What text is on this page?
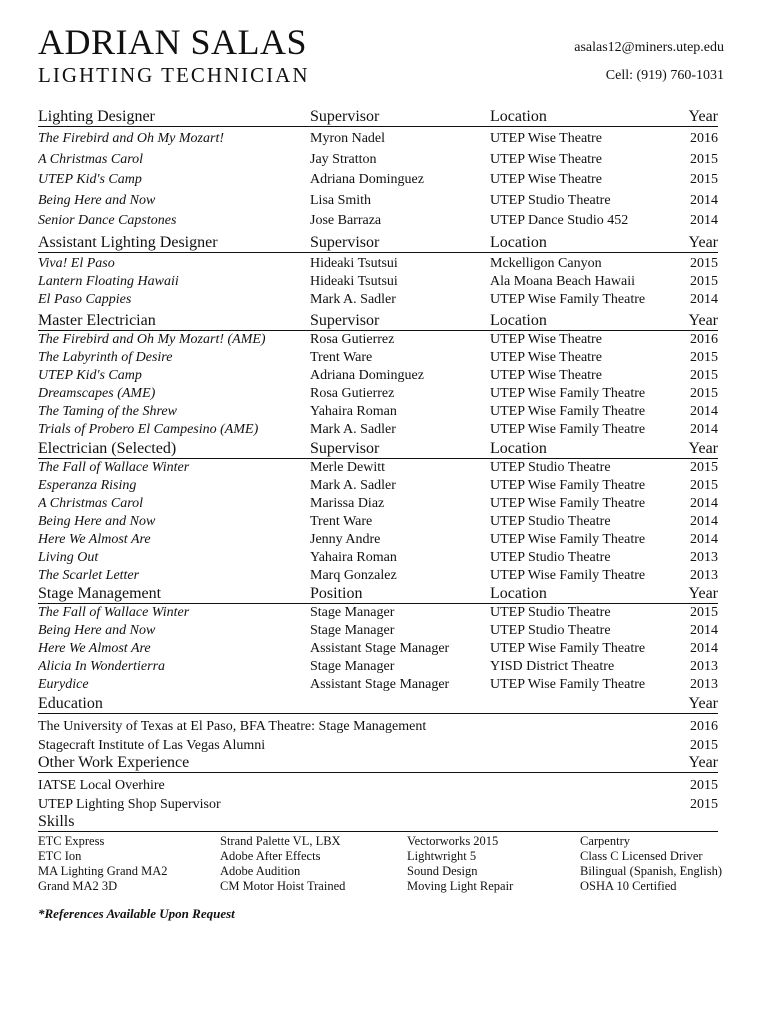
ADRIAN SALAS
LIGHTING TECHNICIAN
asalas12@miners.utep.edu
Cell: (919) 760-1031
Lighting Designer	Supervisor	Location	Year
The Firebird and Oh My Mozart!	Myron Nadel	UTEP Wise Theatre	2016
A Christmas Carol	Jay Stratton	UTEP Wise Theatre	2015
UTEP Kid's Camp	Adriana Dominguez	UTEP Wise Theatre	2015
Being Here and Now	Lisa Smith	UTEP Studio Theatre	2014
Senior Dance Capstones	Jose Barraza	UTEP Dance Studio 452	2014
Assistant Lighting Designer	Supervisor	Location	Year
Viva! El Paso	Hideaki Tsutsui	Mckelligon Canyon	2015
Lantern Floating Hawaii	Hideaki Tsutsui	Ala Moana Beach Hawaii	2015
El Paso Cappies	Mark A. Sadler	UTEP Wise Family Theatre	2014
Master Electrician	Supervisor	Location	Year
The Firebird and Oh My Mozart! (AME)	Rosa Gutierrez	UTEP Wise Theatre	2016
The Labyrinth of Desire	Trent Ware	UTEP Wise Theatre	2015
UTEP Kid's Camp	Adriana Dominguez	UTEP Wise Theatre	2015
Dreamscapes (AME)	Rosa Gutierrez	UTEP Wise Family Theatre	2015
The Taming of the Shrew	Yahaira Roman	UTEP Wise Family Theatre	2014
Trials of Probero El Campesino (AME)	Mark A. Sadler	UTEP Wise Family Theatre	2014
Electrician (Selected)	Supervisor	Location	Year
The Fall of Wallace Winter	Merle Dewitt	UTEP Studio Theatre	2015
Esperanza Rising	Mark A. Sadler	UTEP Wise Family Theatre	2015
A Christmas Carol	Marissa Diaz	UTEP Wise Family Theatre	2014
Being Here and Now	Trent Ware	UTEP Studio Theatre	2014
Here We Almost Are	Jenny Andre	UTEP Wise Family Theatre	2014
Living Out	Yahaira Roman	UTEP Studio Theatre	2013
The Scarlet Letter	Marq Gonzalez	UTEP Wise Family Theatre	2013
Stage Management	Position	Location	Year
The Fall of Wallace Winter	Stage Manager	UTEP Studio Theatre	2015
Being Here and Now	Stage Manager	UTEP Studio Theatre	2014
Here We Almost Are	Assistant Stage Manager	UTEP Wise Family Theatre	2014
Alicia In Wondertierra	Stage Manager	YISD District Theatre	2013
Eurydice	Assistant Stage Manager	UTEP Wise Family Theatre	2013
Education	Year
The University of Texas at El Paso, BFA Theatre: Stage Management	2016
Stagecraft Institute of Las Vegas Alumni	2015
Other Work Experience	Year
IATSE Local Overhire	2015
UTEP Lighting Shop Supervisor	2015
Skills
ETC Express	Strand Palette VL, LBX	Vectorworks 2015	Carpentry
ETC Ion	Adobe After Effects	Lightwright 5	Class C Licensed Driver
MA Lighting Grand MA2	Adobe Audition	Sound Design	Bilingual (Spanish, English)
Grand MA2 3D	CM Motor Hoist Trained	Moving Light Repair	OSHA 10 Certified
*References Available Upon Request
